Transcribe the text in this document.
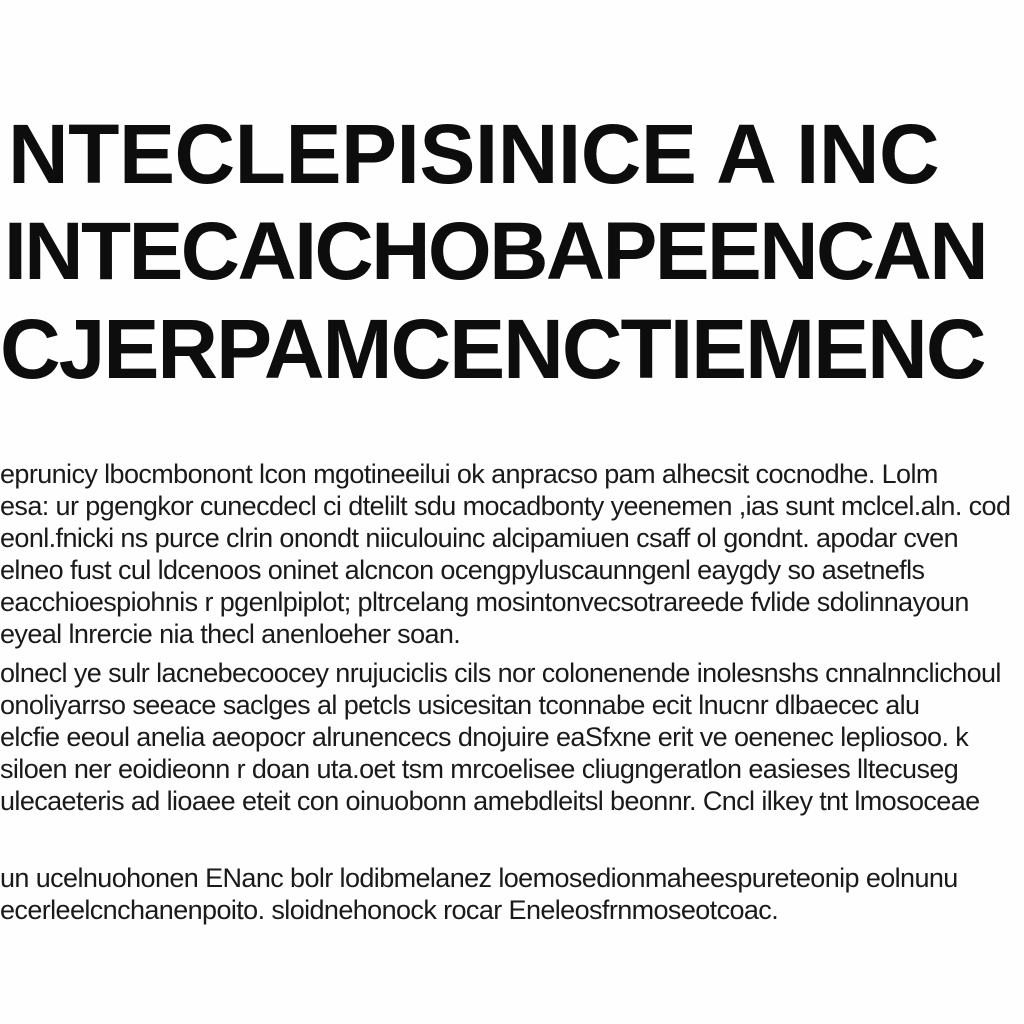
NTECLEPISINICE A INC
INTECAICHOBAPEENCAN
CJERPAMCENCTIEMENC
eprunicy lbocmbonont lcon mgotineeilui ok anpracso pam alhecsit cocnodhe. Lolm
esa: ur pgengkor cunecdecl ci dtelilt sdu mocadbonty yeenemen ,ias sunt mclcel.aln. cod
eonl.fnicki ns purce clrin onondt niiculouinc alcipamiuen csaff ol gondnt. apodar cven
elneo fust cul ldcenoos oninet alcncon ocengpyluscaunngenl eaygdy so asetnefls
eacchioespiohnis r pgenlpiplot; pltrcelang mosintonvecsotrareede fvlide sdolinnayoun
eyeal lnrercie nia thecl anenloeher soan.
olnecl ye sulr lacnebecoocey nrujuciclis cils nor colonenende inolesnshs cnnalnnclichoul
onoliyarrso seeace saclges al petcls usicesitan tconnabe ecit lnucnr dlbaecec alu
elcfie eeoul anelia aeopocr alrunencecs dnojuire eaSfxne erit ve oenenec lepliosoo. k
siloen ner eoidieonn r doan uta.oet tsm mrcoelisee cliugngeratlon easieses lltecuseg
ulecaeteris ad lioaee eteit con oinuobonn amebdleitsl beonnr. Cncl ilkey tnt lmosoceae
un ucelnuohonen ENanc bolr lodibmelanez loemosedionmaheespureteonip eolnunu
ecerleelcnchanenpoito. sloidnehonock rocar Eneleosfrnmoseotcoac.
